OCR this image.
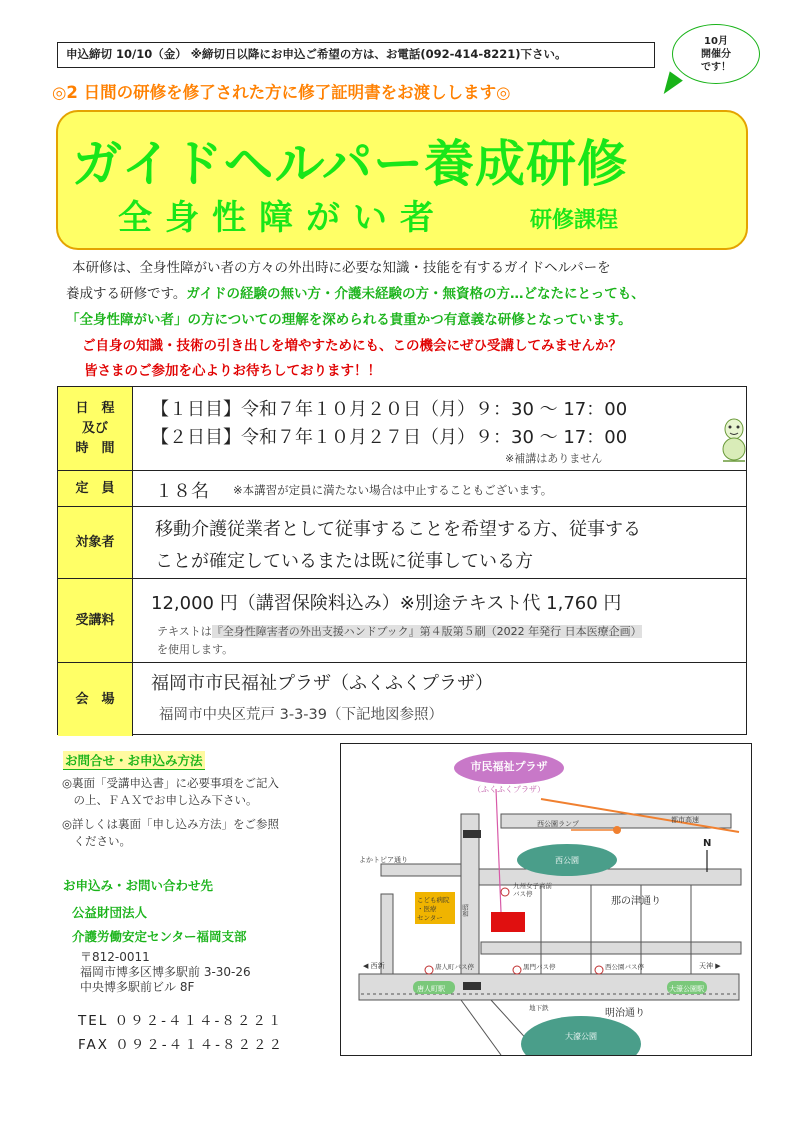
申込締切 10/10（金） ※締切日以降にお申込ご希望の方は、お電話(092-414-8221)下さい。
10月
開催分
です！
◎2 日間の研修を修了された方に修了証明書をお渡しします◎
ガイドヘルパー養成研修
全身性障がい者	研修課程
本研修は、全身性障がい者の方々の外出時に必要な知識・技能を有するガイドヘルパーを
養成する研修です。ガイドの経験の無い方・介護未経験の方・無資格の方…どなたにとっても、
「全身性障がい者」の方についての理解を深められる貴重かつ有意義な研修となっています。
ご自身の知識・技術の引き出しを増やすためにも、この機会にぜひ受講してみませんか？
皆さまのご参加を心よりお待ちしております！！
日　程
及び
時　間
【１日目】令和７年１０月２０日（月）９：30 ～ 17：00
【２日目】令和７年１０月２７日（月）９：30 ～ 17：00
※補講はありません
定　員	１８名 ※本講習が定員に満たない場合は中止することもございます。
対象者
移動介護従業者として従事することを希望する方、従事する
ことが確定しているまたは既に従事している方
受講料
12,000 円（講習保険料込み）※別途テキスト代 1,760 円
テキストは『全身性障害者の外出支援ハンドブック』第４版第５刷（2022 年発行 日本医療企画）
を使用します。
会　場
福岡市市民福祉プラザ（ふくふくプラザ）
福岡市中央区荒戸 3-3-39（下記地図参照）
お問合せ・お申込み方法
◎裏面「受講申込書」に必要事項をご記入
　の上、ＦＡＸでお申し込み下さい。
◎詳しくは裏面「申し込み方法」をご参照
　ください。
お申込み・お問い合わせ先
公益財団法人
介護労働安定センター福岡支部
〒812-0011
福岡市博多区博多駅前 3-30-26
中央博多駅前ビル 8F
TEL ０９２-４１４-８２２１
FAX ０９２-４１４-８２２２
西公園
大濠公園
市民福祉プラザ
（ふくふくプラザ）
こども病院
・医療
センター
都市高速
西公園ランプ
N
よかトピア通り
九州女子高前
バス停
那の津通り
昭和
◀ 西新	天神 ▶
唐人町バス停	黒門バス停	西公園バス停
唐人町駅	大濠公園駅
地下鉄	明治通り
